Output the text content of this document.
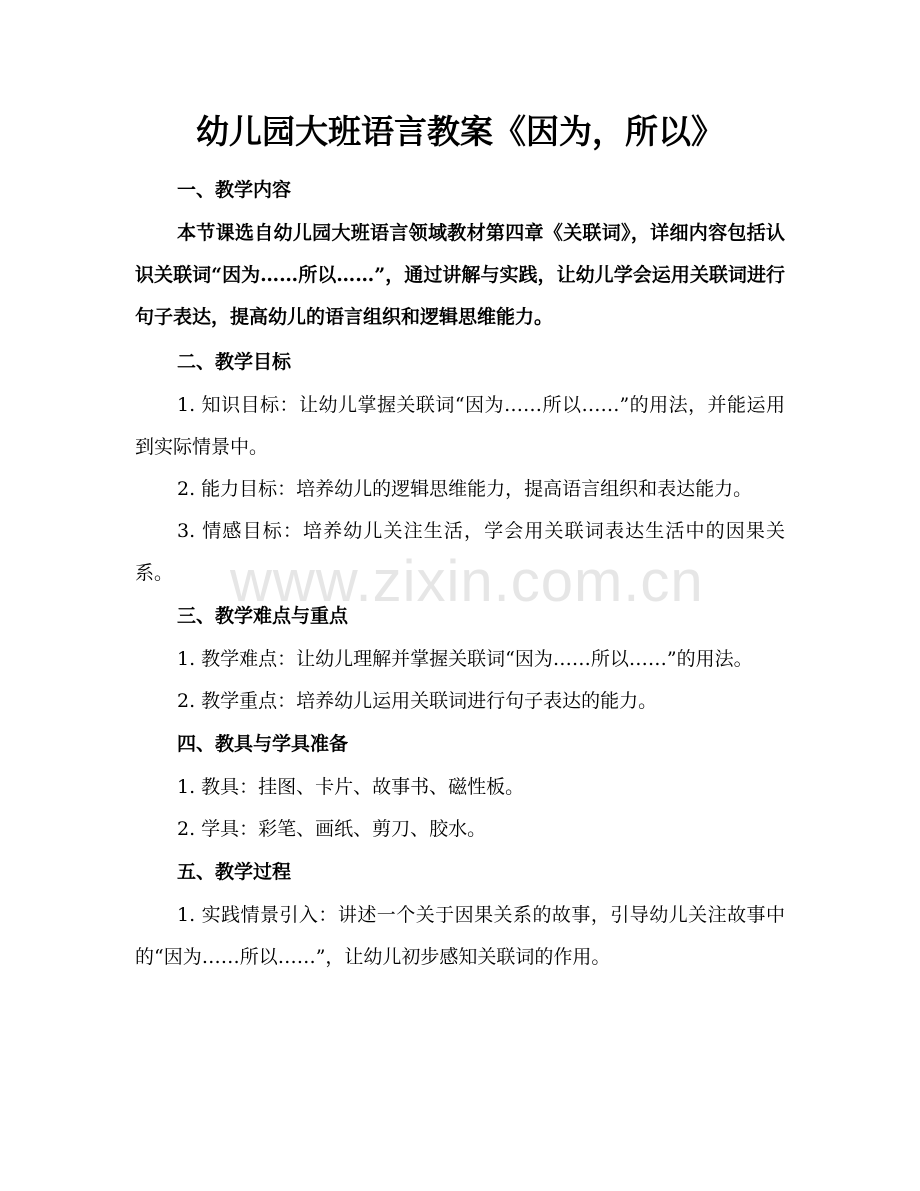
www.zixin.com.cn
幼儿园大班语言教案《因为，所以》
一、教学内容

本节课选自幼儿园大班语言领域教材第四章《关联词》，详细内容包括认识关联词“因为……所以……”，通过讲解与实践，让幼儿学会运用关联词进行句子表达，提高幼儿的语言组织和逻辑思维能力。

二、教学目标

1. 知识目标：让幼儿掌握关联词“因为……所以……”的用法，并能运用到实际情景中。

2. 能力目标：培养幼儿的逻辑思维能力，提高语言组织和表达能力。

3. 情感目标：培养幼儿关注生活，学会用关联词表达生活中的因果关系。

三、教学难点与重点

1. 教学难点：让幼儿理解并掌握关联词“因为……所以……”的用法。

2. 教学重点：培养幼儿运用关联词进行句子表达的能力。

四、教具与学具准备

1. 教具：挂图、卡片、故事书、磁性板。

2. 学具：彩笔、画纸、剪刀、胶水。

五、教学过程

1. 实践情景引入：讲述一个关于因果关系的故事，引导幼儿关注故事中的“因为……所以……”，让幼儿初步感知关联词的作用。
